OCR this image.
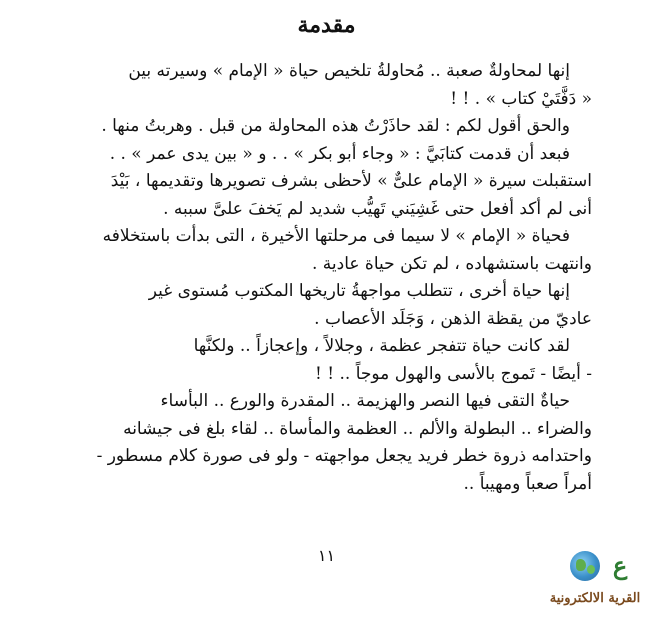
مقدمة
إنها لمحاولةٌ صعبة .. مُحاولةُ تلخيص حياة « الإمام » وسيرته بين
« دَفَّتَيْ كتاب » . ! !
والحق أقول لكم : لقد حاذَرْتُ هذه المحاولة من قبل . وهربتُ منها .
فبعد أن قدمت كتابَيَّ : « وجاء أبو بكر » . . و « بين يدى عمر » . .
استقبلت سيرة « الإمام علىٌّ » لأحظى بشرف تصويرها وتقديمها ، بَيْدَ
أنى لم أكد أفعل حتى غَشِيَني تَهيُّب شديد لم يَخفَ علىَّ سببه .
فحياة « الإمام » لا سيما فى مرحلتها الأخيرة ، التى بدأت باستخلافه
وانتهت باستشهاده ، لم تكن حياة عادية .
إنها حياة أخرى ، تتطلب مواجهةُ تاريخها المكتوب مُستوى غير
عاديّ من يقظة الذهن ، وَجَلَد الأعصاب .
لقد كانت حياة تتفجر عظمة ، وجلالاً ، وإعجازاً .. ولكنَّها
- أيضًا - تَموج بالأسى والهول موجاً .. ! !
حياةٌ التقى فيها النصر والهزيمة .. المقدرة والورع .. البأساء
والضراء .. البطولة والألم .. العظمة والمأساة .. لقاء بلغ فى جيشانه
واحتدامه ذروة خطر فريد يجعل مواجهته - ولو فى صورة كلام مسطور -
أمراً صعباً ومهيباً ..
١١	ع
القرية الالكترونية
